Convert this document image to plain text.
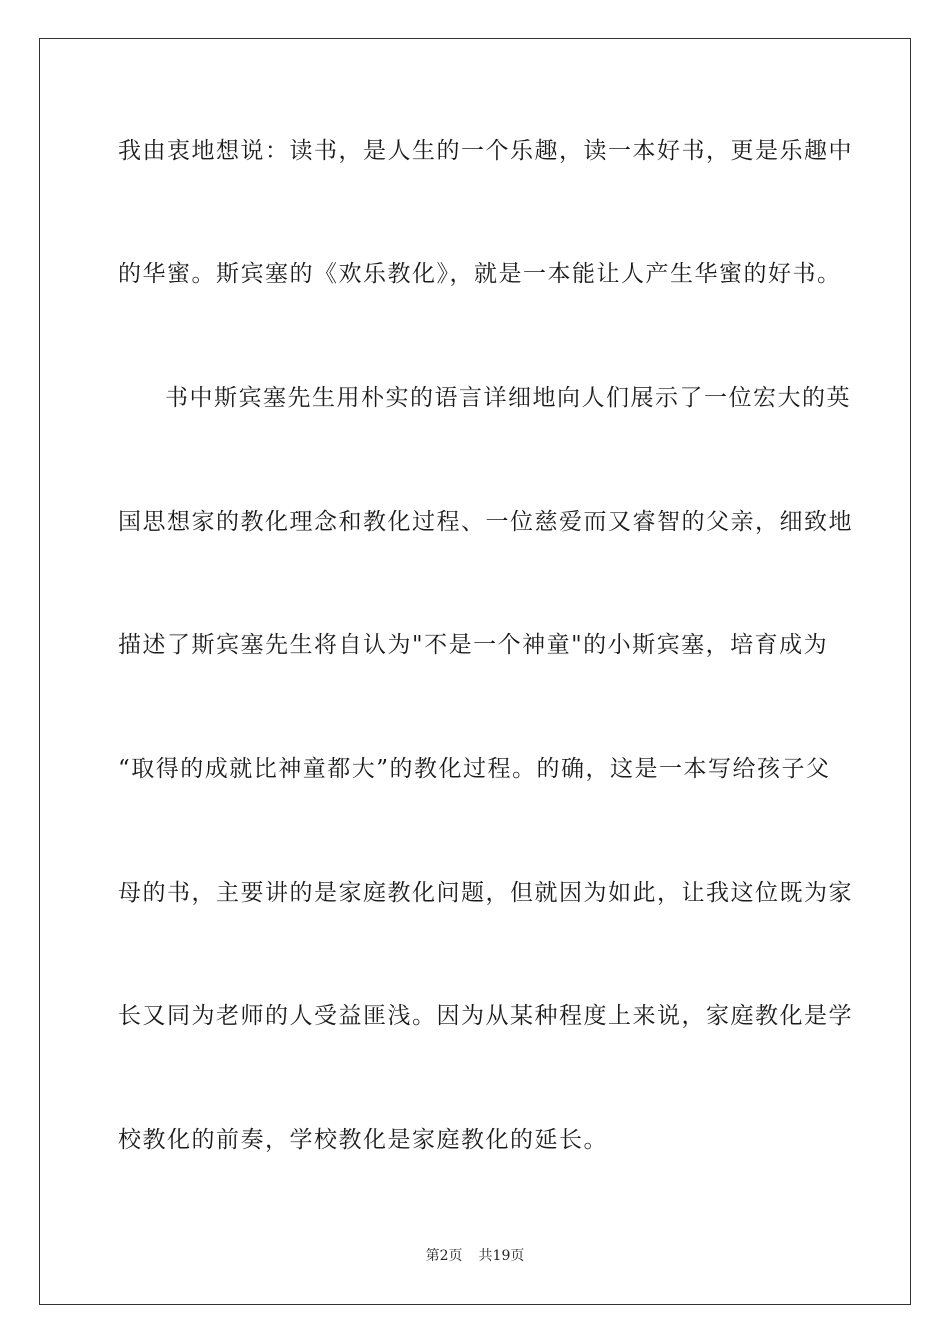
我由衷地想说：读书，是人生的一个乐趣，读一本好书，更是乐趣中
的华蜜。斯宾塞的《欢乐教化》，就是一本能让人产生华蜜的好书。
书中斯宾塞先生用朴实的语言详细地向人们展示了一位宏大的英
国思想家的教化理念和教化过程、一位慈爱而又睿智的父亲，细致地
描述了斯宾塞先生将自认为"不是一个神童"的小斯宾塞，培育成为
“取得的成就比神童都大”的教化过程。的确，这是一本写给孩子父
母的书，主要讲的是家庭教化问题，但就因为如此，让我这位既为家
长又同为老师的人受益匪浅。因为从某种程度上来说，家庭教化是学
校教化的前奏，学校教化是家庭教化的延长。
第2页 共19页
